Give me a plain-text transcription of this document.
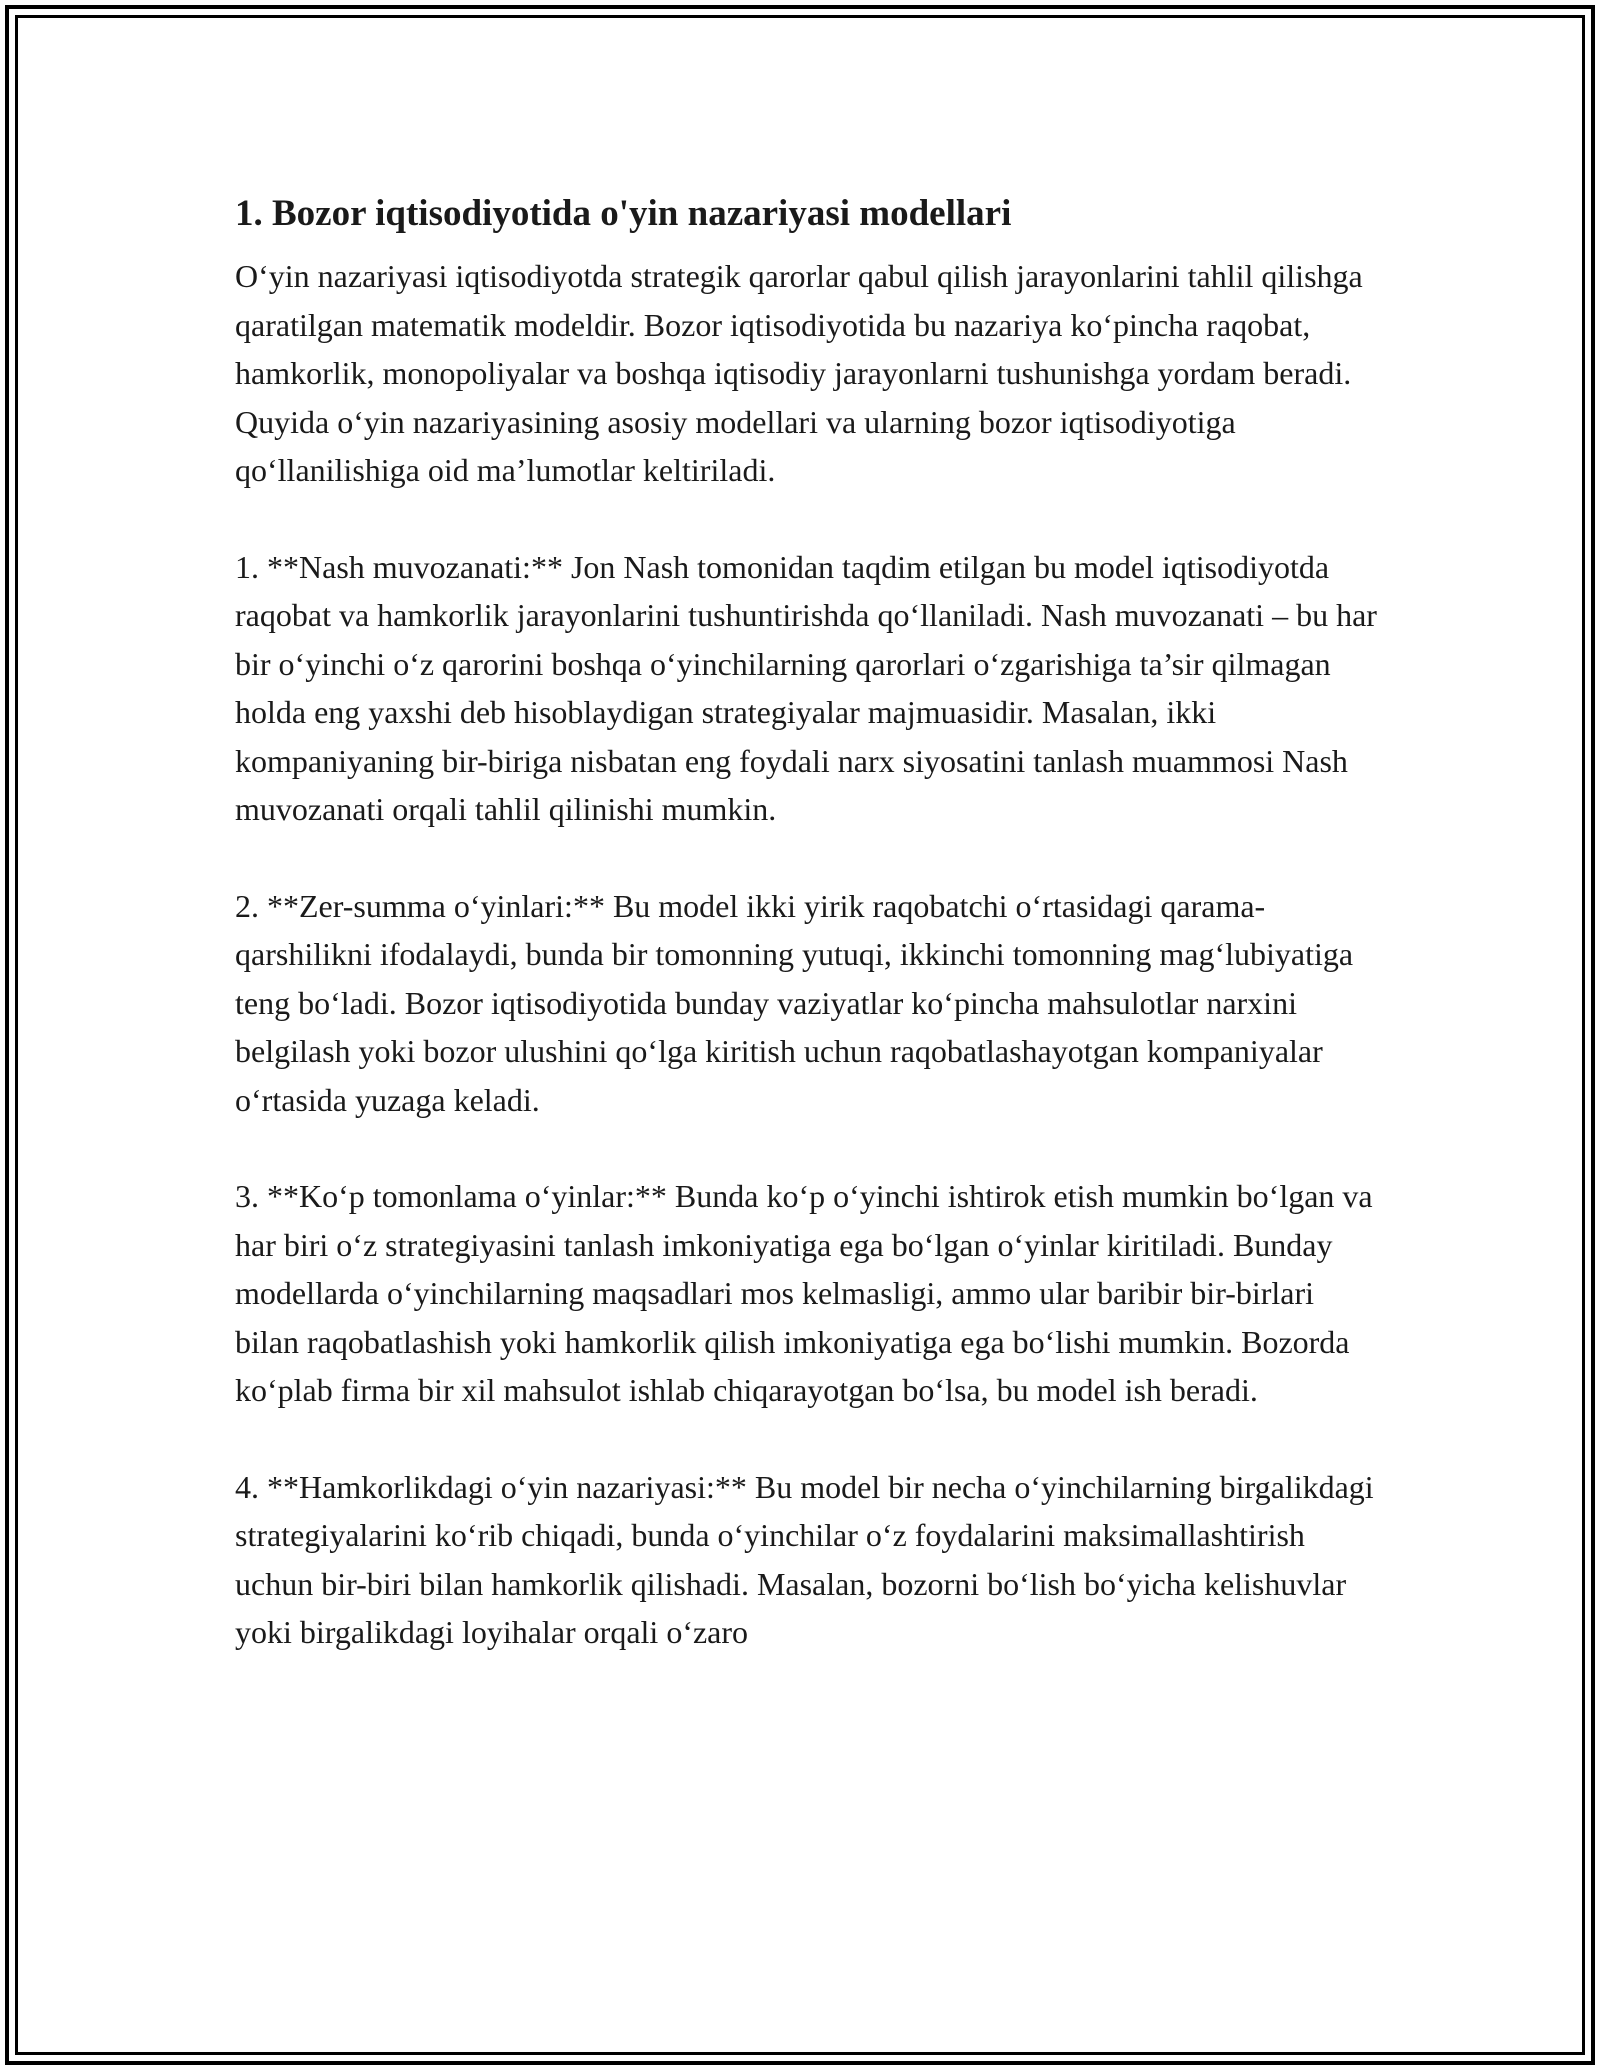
1. Bozor iqtisodiyotida o'yin nazariyasi modellari

O‘yin nazariyasi iqtisodiyotda strategik qarorlar qabul qilish jarayonlarini tahlil qilishga qaratilgan matematik modeldir. Bozor iqtisodiyotida bu nazariya ko‘pincha raqobat, hamkorlik, monopoliyalar va boshqa iqtisodiy jarayonlarni tushunishga yordam beradi. Quyida o‘yin nazariyasining asosiy modellari va ularning bozor iqtisodiyotiga qo‘llanilishiga oid ma’lumotlar keltiriladi.

1. **Nash muvozanati:** Jon Nash tomonidan taqdim etilgan bu model iqtisodiyotda raqobat va hamkorlik jarayonlarini tushuntirishda qo‘llaniladi. Nash muvozanati – bu har bir o‘yinchi o‘z qarorini boshqa o‘yinchilarning qarorlari o‘zgarishiga ta’sir qilmagan holda eng yaxshi deb hisoblaydigan strategiyalar majmuasidir. Masalan, ikki kompaniyaning bir-biriga nisbatan eng foydali narx siyosatini tanlash muammosi Nash muvozanati orqali tahlil qilinishi mumkin.

2. **Zer-summa o‘yinlari:** Bu model ikki yirik raqobatchi o‘rtasidagi qarama-qarshilikni ifodalaydi, bunda bir tomonning yutuqi, ikkinchi tomonning mag‘lubiyatiga teng bo‘ladi. Bozor iqtisodiyotida bunday vaziyatlar ko‘pincha mahsulotlar narxini belgilash yoki bozor ulushini qo‘lga kiritish uchun raqobatlashayotgan kompaniyalar o‘rtasida yuzaga keladi.

3. **Ko‘p tomonlama o‘yinlar:** Bunda ko‘p o‘yinchi ishtirok etish mumkin bo‘lgan va har biri o‘z strategiyasini tanlash imkoniyatiga ega bo‘lgan o‘yinlar kiritiladi. Bunday modellarda o‘yinchilarning maqsadlari mos kelmasligi, ammo ular baribir bir-birlari bilan raqobatlashish yoki hamkorlik qilish imkoniyatiga ega bo‘lishi mumkin. Bozorda ko‘plab firma bir xil mahsulot ishlab chiqarayotgan bo‘lsa, bu model ish beradi.

4. **Hamkorlikdagi o‘yin nazariyasi:** Bu model bir necha o‘yinchilarning birgalikdagi strategiyalarini ko‘rib chiqadi, bunda o‘yinchilar o‘z foydalarini maksimallashtirish uchun bir-biri bilan hamkorlik qilishadi. Masalan, bozorni bo‘lish bo‘yicha kelishuvlar yoki birgalikdagi loyihalar orqali o‘zaro
